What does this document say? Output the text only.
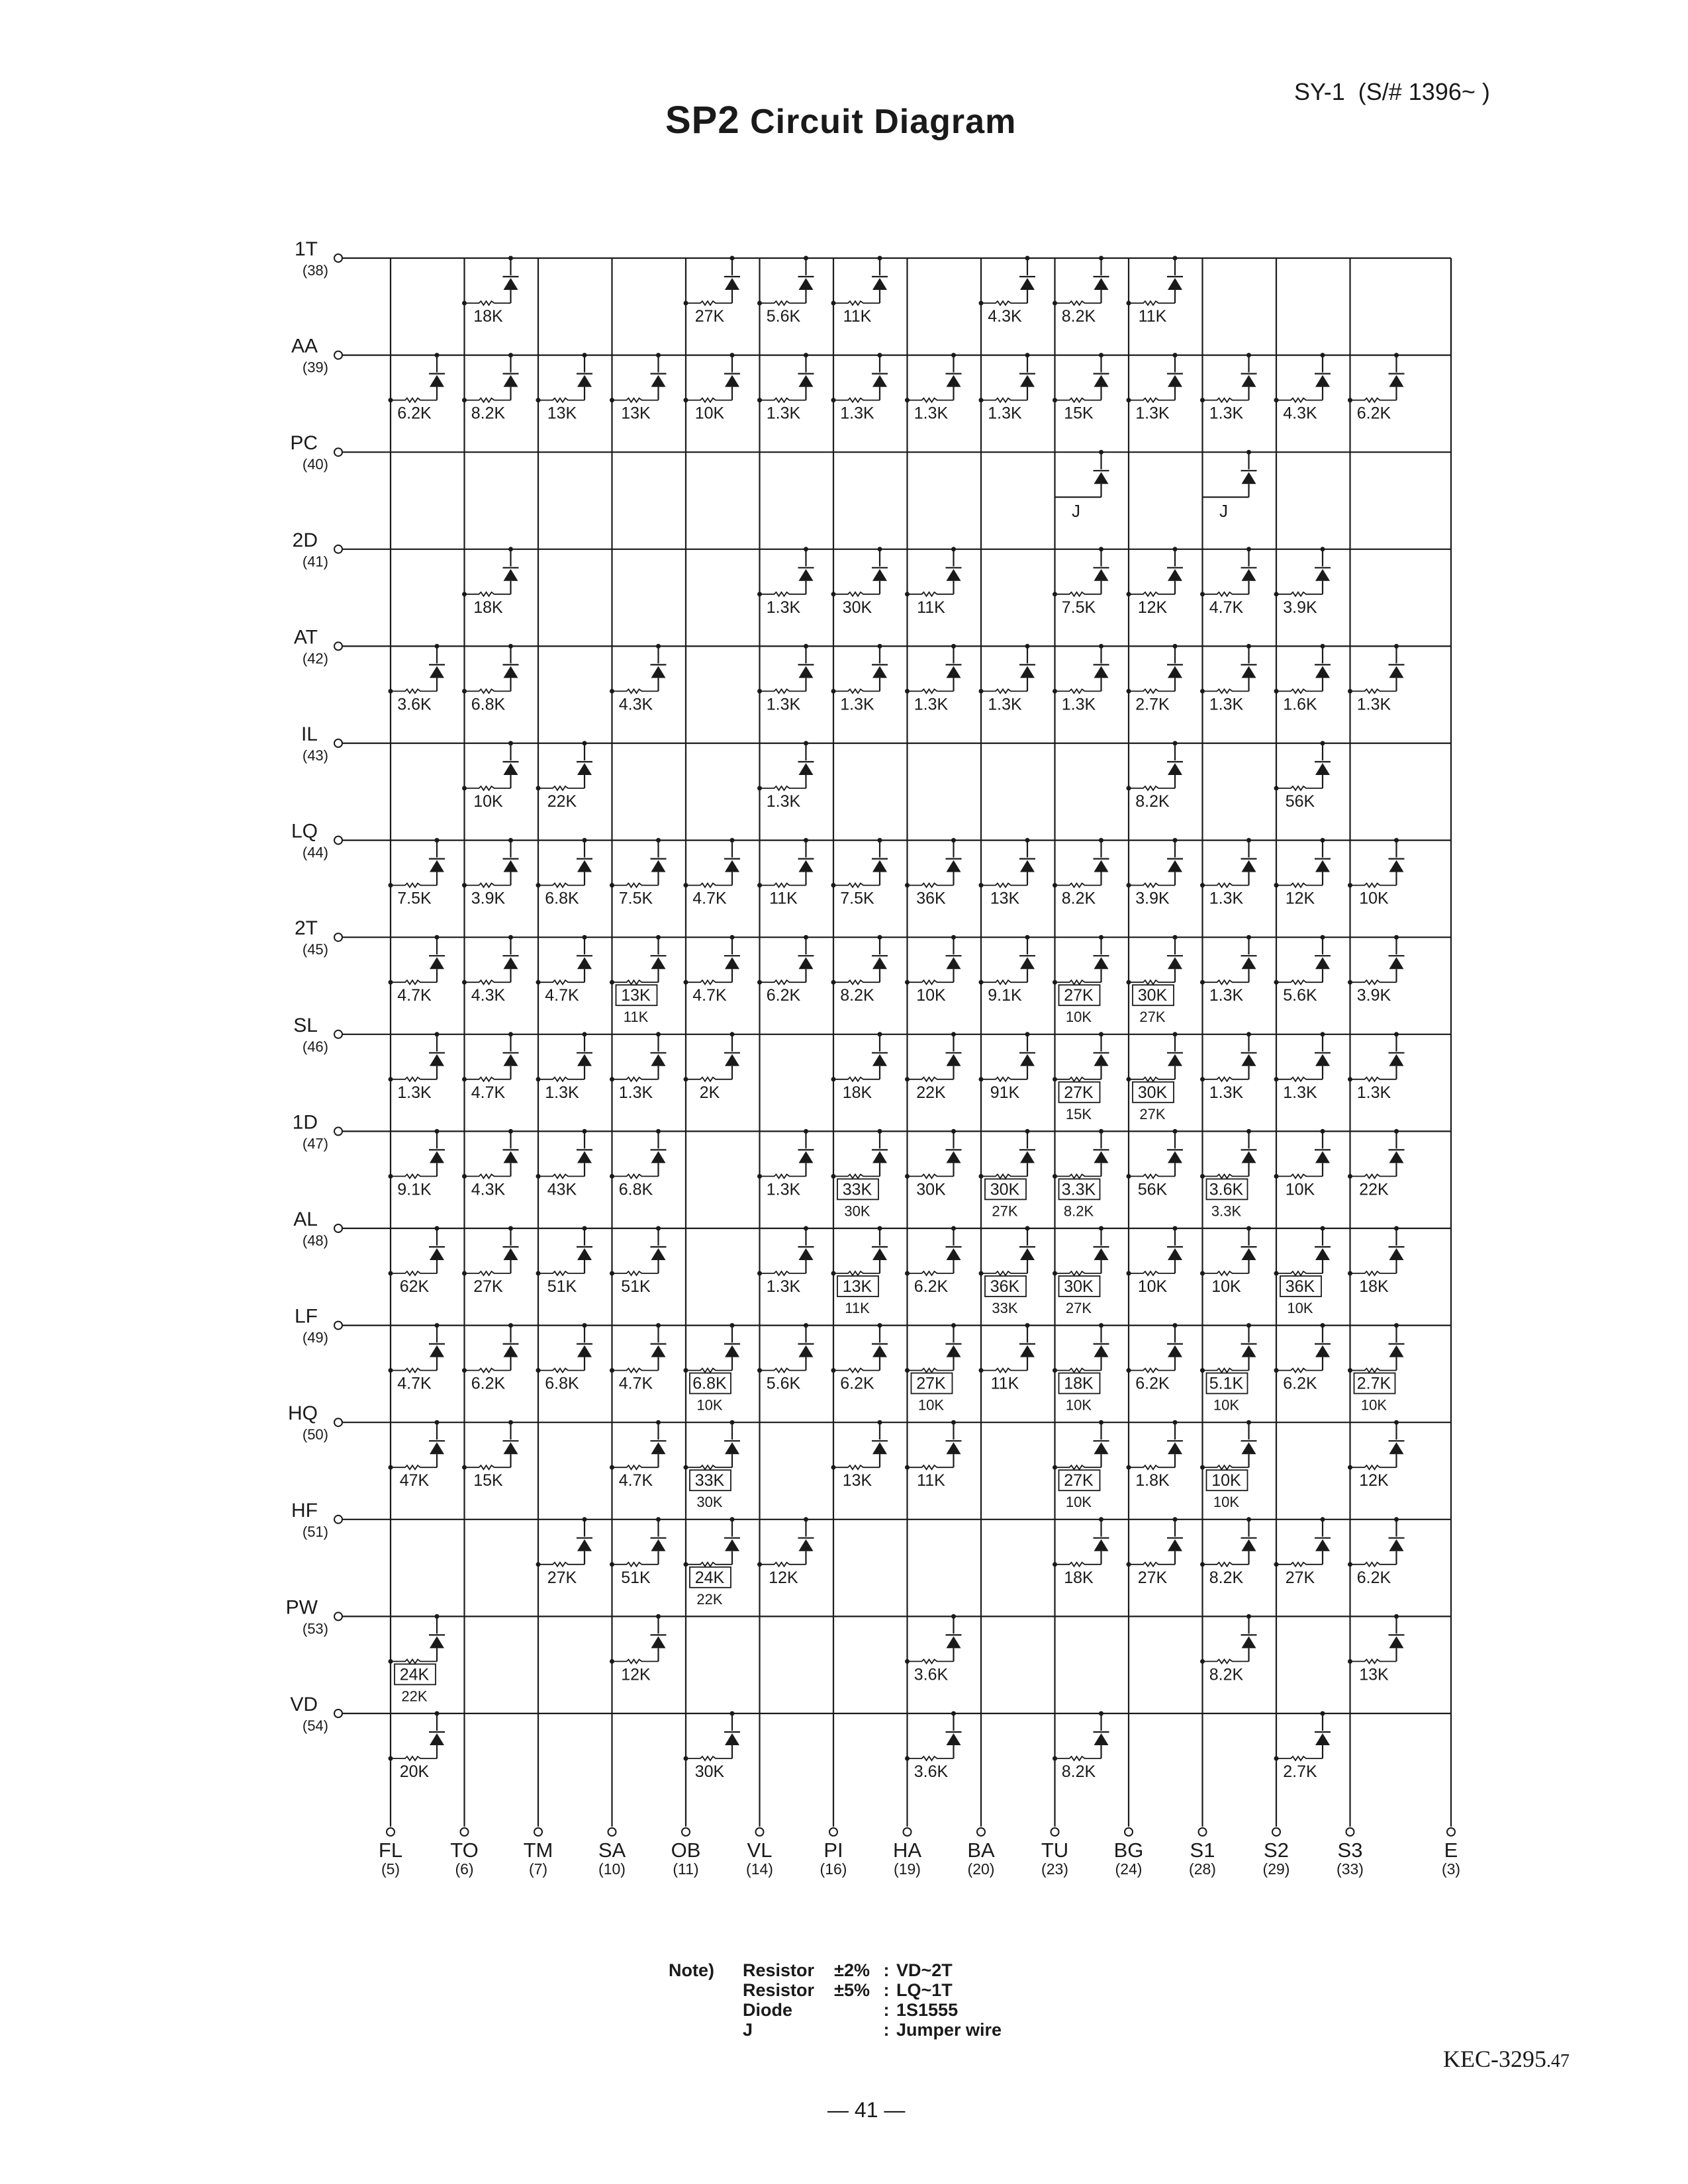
SP2 Circuit Diagram
SY-1 (S/# 1396~ )
1T
(38)
AA
(39)
PC
(40)
2D
(41)
AT
(42)
IL
(43)
LQ
(44)
2T
(45)
SL
(46)
1D
(47)
AL
(48)
LF
(49)
HQ
(50)
HF
(51)
PW
(53)
VD
(54)
FL
(5)
TO
(6)
TM
(7)
SA
(10)
OB
(11)
VL
(14)
PI
(16)
HA
(19)
BA
(20)
TU
(23)
BG
(24)
S1
(28)
S2
(29)
S3
(33)
E
(3)
18K	27K	5.6K	11K	4.3K 8.2K	11K
6.2K 8.2K	13K	13K	10K	1.3K 1.3K 1.3K 1.3K	15K	1.3K 1.3K 4.3K 6.2K
J	J
18K	1.3K	30K	11K	7.5K	12K	4.7K 3.9K
3.6K 6.8K	4.3K	1.3K 1.3K 1.3K 1.3K 1.3K 2.7K 1.3K 1.6K 1.3K
10K	22K	1.3K	8.2K	56K
7.5K 3.9K 6.8K 7.5K 4.7K	11K	7.5K	36K	13K	8.2K 3.9K 1.3K	12K	10K
4.7K 4.3K 4.7K	13K
11K
4.7K 6.2K 8.2K	10K	9.1K	27K
10K
30K
27K
1.3K 5.6K 3.9K
1.3K 4.7K 1.3K 1.3K	2K	18K	22K	91K	27K
15K
30K
27K
1.3K 1.3K 1.3K
9.1K 4.3K	43K	6.8K	1.3K	33K
30K
30K	30K
27K
3.3K
8.2K
56K	3.6K
3.3K
10K	22K
62K	27K	51K	51K	1.3K	13K
11K
6.2K	36K
33K
30K
27K
10K	10K	36K
10K
18K
4.7K 6.2K 6.8K 4.7K 6.8K
10K
5.6K 6.2K	27K
10K
11K	18K
10K
6.2K 5.1K
10K
6.2K 2.7K
10K
47K	15K	4.7K	33K
30K
13K	11K	27K
10K
1.8K	10K
10K
12K
27K	51K	24K
22K
12K	18K	27K	8.2K	27K	6.2K
24K
22K
12K	3.6K	8.2K	13K
20K	30K	3.6K	8.2K	2.7K
Note)	Resistor	±2% : VD~2T
Resistor	±5% : LQ~1T
Diode	: 1S1555
J	: Jumper wire
— 41 —
KEC-3295.47
